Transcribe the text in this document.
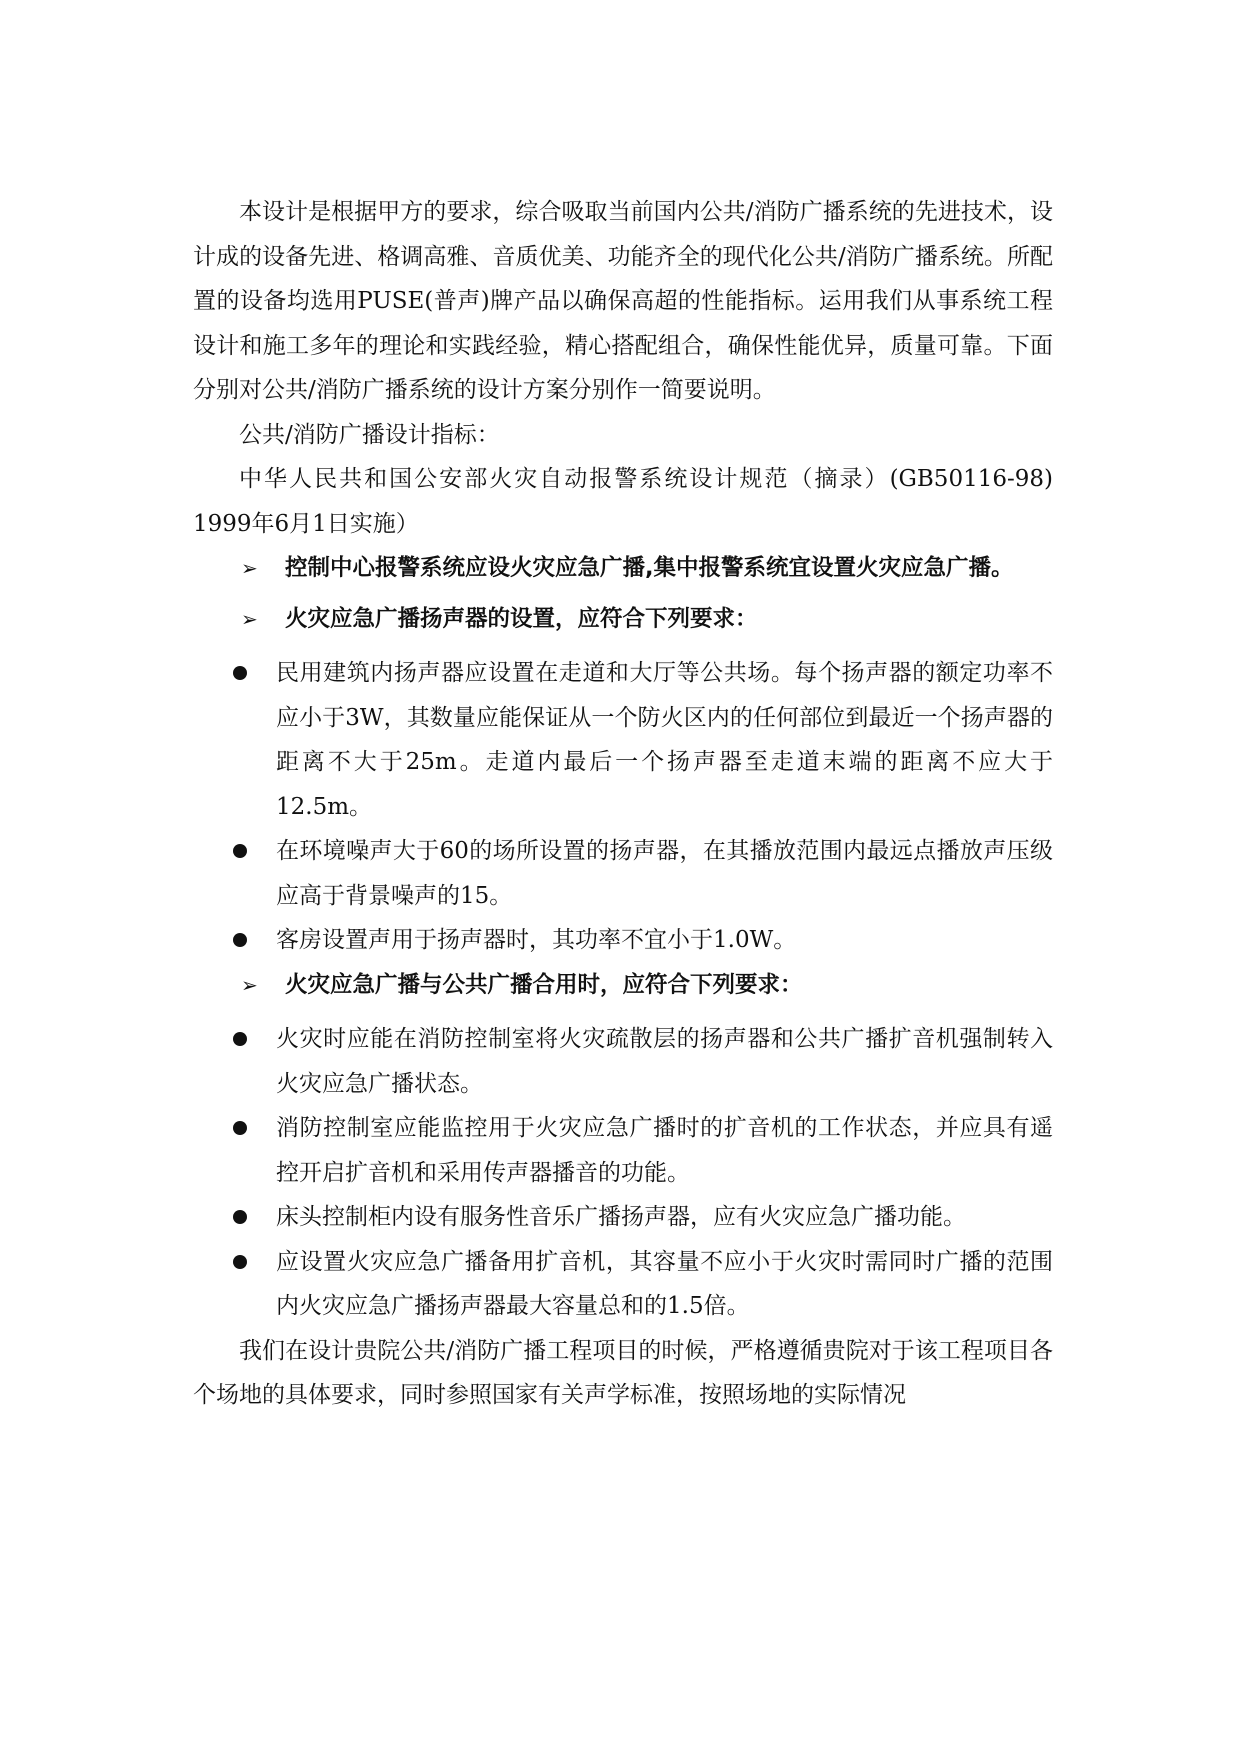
本设计是根据甲方的要求，综合吸取当前国内公共/消防广播系统的先进技术，设计成的设备先进、格调高雅、音质优美、功能齐全的现代化公共/消防广播系统。所配置的设备均选用PUSE(普声)牌产品以确保高超的性能指标。运用我们从事系统工程设计和施工多年的理论和实践经验，精心搭配组合，确保性能优异，质量可靠。下面分别对公共/消防广播系统的设计方案分别作一简要说明。

公共/消防广播设计指标：

中华人民共和国公安部火灾自动报警系统设计规范（摘录）(GB50116-98) 1999年6月1日实施）

➢ 控制中心报警系统应设火灾应急广播,集中报警系统宜设置火灾应急广播。
➢ 火灾应急广播扬声器的设置，应符合下列要求：
民用建筑内扬声器应设置在走道和大厅等公共场。每个扬声器的额定功率不应小于3W，其数量应能保证从一个防火区内的任何部位到最近一个扬声器的距离不大于25m。走道内最后一个扬声器至走道末端的距离不应大于12.5m。
在环境噪声大于60的场所设置的扬声器，在其播放范围内最远点播放声压级应高于背景噪声的15。
客房设置声用于扬声器时，其功率不宜小于1.0W。
➢ 火灾应急广播与公共广播合用时，应符合下列要求：
火灾时应能在消防控制室将火灾疏散层的扬声器和公共广播扩音机强制转入火灾应急广播状态。
消防控制室应能监控用于火灾应急广播时的扩音机的工作状态，并应具有遥控开启扩音机和采用传声器播音的功能。
床头控制柜内设有服务性音乐广播扬声器，应有火灾应急广播功能。
应设置火灾应急广播备用扩音机，其容量不应小于火灾时需同时广播的范围内火灾应急广播扬声器最大容量总和的1.5倍。

我们在设计贵院公共/消防广播工程项目的时候，严格遵循贵院对于该工程项目各个场地的具体要求，同时参照国家有关声学标准，按照场地的实际情况
